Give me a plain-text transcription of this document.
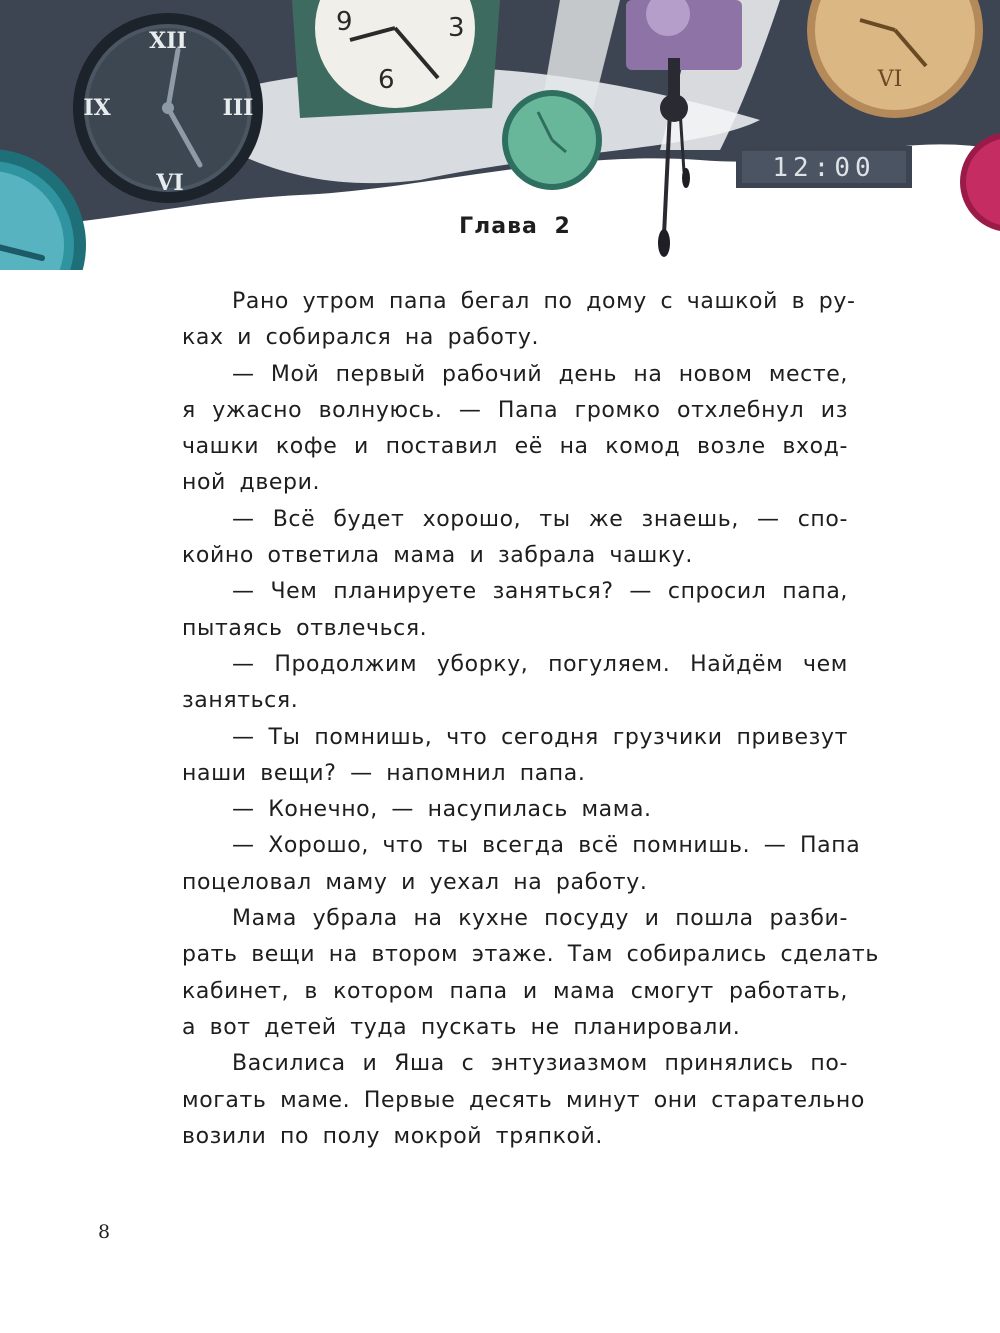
XII
III
VI
IX
9	3
6	VI
12:00
Глава 2
Рано утром папа бегал по дому с чашкой в ру-
ках и собирался на работу.
— Мой первый рабочий день на новом месте,
я ужасно волнуюсь. — Папа громко отхлебнул из
чашки кофе и поставил её на комод возле вход-
ной двери.
— Всё будет хорошо, ты же знаешь, — спо-
койно ответила мама и забрала чашку.
— Чем планируете заняться? — спросил папа,
пытаясь отвлечься.
— Продолжим уборку, погуляем. Найдём чем
заняться.
— Ты помнишь, что сегодня грузчики привезут
наши вещи? — напомнил папа.
— Конечно, — насупилась мама.
— Хорошо, что ты всегда всё помнишь. — Папа
поцеловал маму и уехал на работу.
Мама убрала на кухне посуду и пошла разби-
рать вещи на втором этаже. Там собирались сделать
кабинет, в котором папа и мама смогут работать,
а вот детей туда пускать не планировали.
Василиса и Яша с энтузиазмом принялись по-
могать маме. Первые десять минут они старательно
возили по полу мокрой тряпкой.
8
